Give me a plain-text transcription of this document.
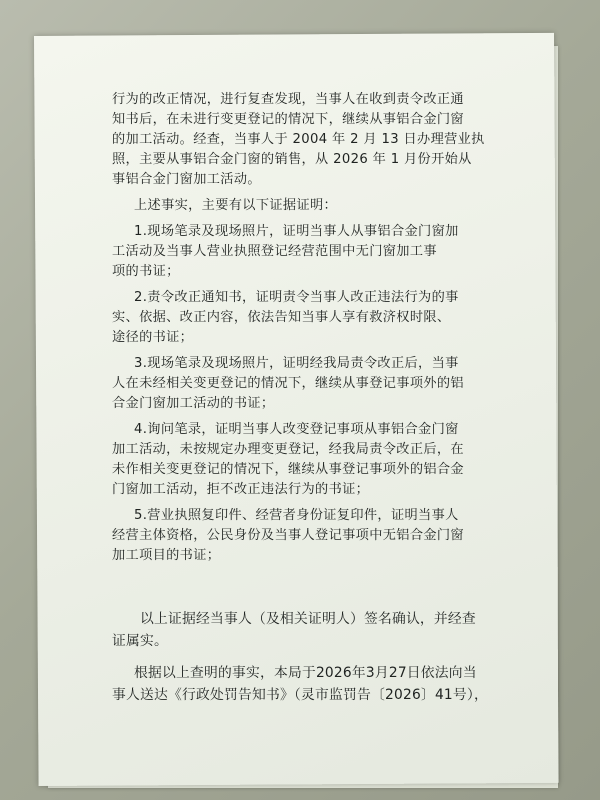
行为的改正情况，进行复查发现，当事人在收到责令改正通
知书后，在未进行变更登记的情况下，继续从事铝合金门窗
的加工活动。经查，当事人于 2004 年 2 月 13 日办理营业执
照，主要从事铝合金门窗的销售，从 2026 年 1 月份开始从
事铝合金门窗加工活动。
上述事实，主要有以下证据证明：
1.现场笔录及现场照片，证明当事人从事铝合金门窗加
工活动及当事人营业执照登记经营范围中无门窗加工事
项的书证；
2.责令改正通知书，证明责令当事人改正违法行为的事
实、依据、改正内容，依法告知当事人享有救济权时限、
途径的书证；
3.现场笔录及现场照片，证明经我局责令改正后，当事
人在未经相关变更登记的情况下，继续从事登记事项外的铝
合金门窗加工活动的书证；
4.询问笔录，证明当事人改变登记事项从事铝合金门窗
加工活动，未按规定办理变更登记，经我局责令改正后，在
未作相关变更登记的情况下，继续从事登记事项外的铝合金
门窗加工活动，拒不改正违法行为的书证；
5.营业执照复印件、经营者身份证复印件，证明当事人
经营主体资格，公民身份及当事人登记事项中无铝合金门窗
加工项目的书证；
以上证据经当事人（及相关证明人）签名确认，并经查
证属实。
根据以上查明的事实，本局于2026年3月27日依法向当
事人送达《行政处罚告知书》（灵市监罚告〔2026〕41号），
